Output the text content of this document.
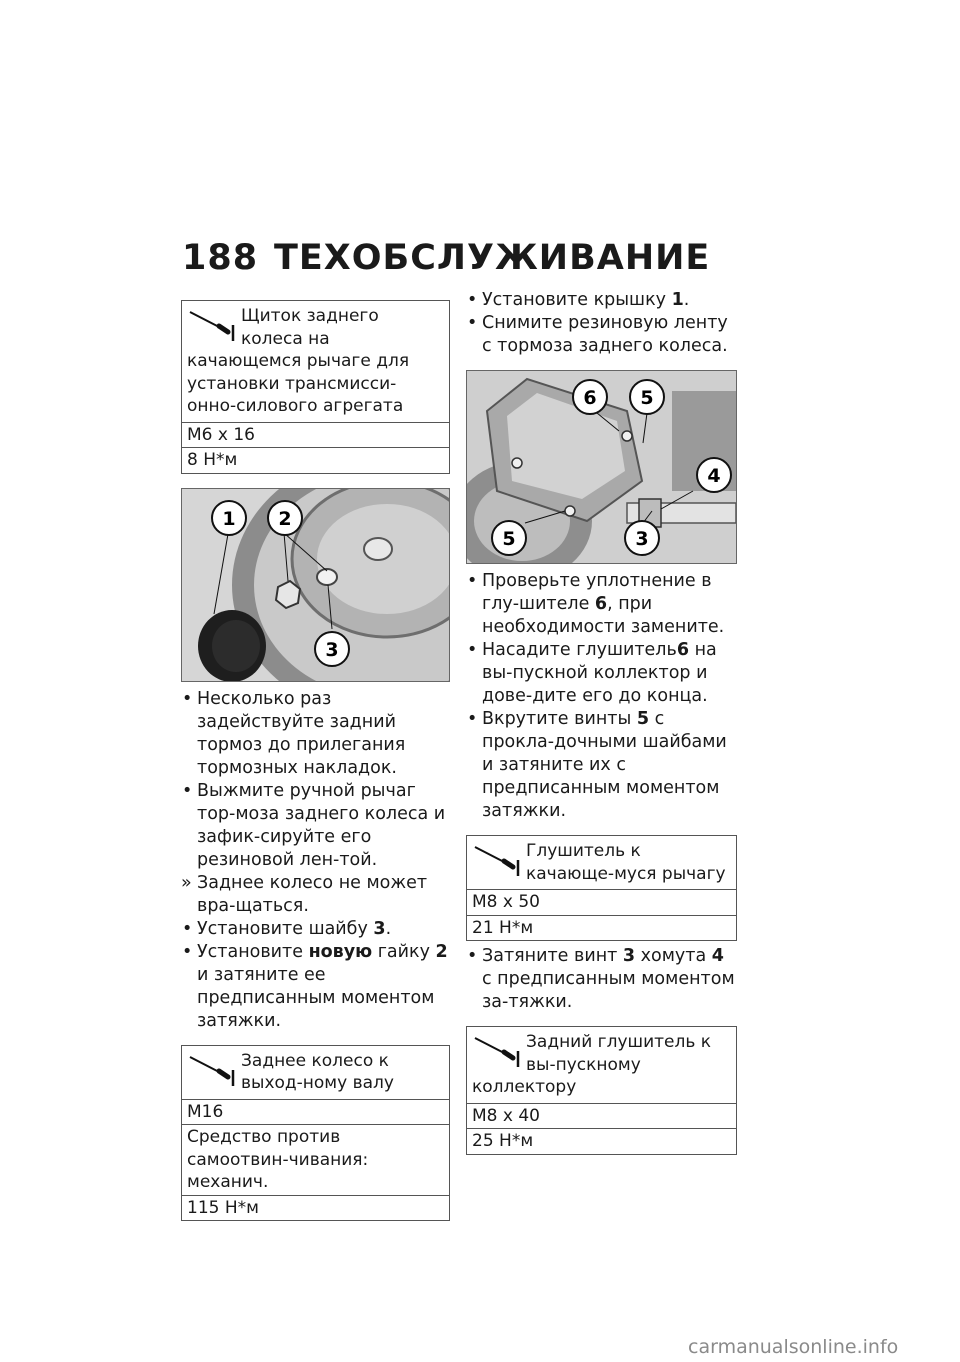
188 ТЕХОБСЛУЖИВАНИЕ
Щиток заднего колеса на качающемся рычаге для установки трансмисси-онно-силового агрегата
M6 x 16
8 Н*м
1 2
3
• Несколько раз задействуйте задний тормоз до прилегания тормозных накладок.
• Выжмите ручной рычаг тор-моза заднего колеса и зафик-сируйте его резиновой лен-той.
» Заднее колесо не может вра-щаться.
• Установите шайбу 3.
• Установите новую гайку 2 и затяните ее предписанным моментом затяжки.
Заднее колесо к выход-ному валу
M16
Средство против самоотвин-чивания: механич.
115 Н*м
• Установите крышку 1.
• Снимите резиновую ленту с тормоза заднего колеса.
6 5
4
5	3
• Проверьте уплотнение в глу-шителе 6, при необходимости замените.
• Насадите глушитель6 на вы-пускной коллектор и дове-дите его до конца.
• Вкрутите винты 5 с прокла-дочными шайбами и затяните их с предписанным моментом затяжки.
Глушитель к качающе-муся рычагу
M8 x 50
21 Н*м
• Затяните винт 3 хомута 4 с предписанным моментом за-тяжки.
Задний глушитель к вы-пускному коллектору
M8 x 40
25 Н*м
carmanualsonline.info
